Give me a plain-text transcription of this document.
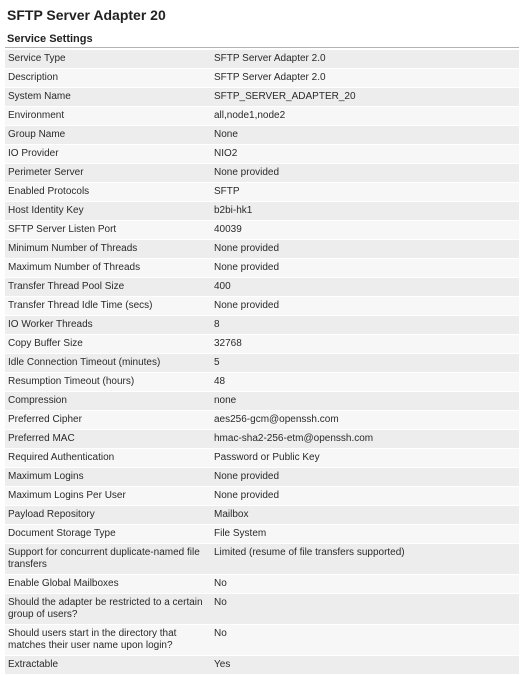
SFTP Server Adapter 20
Service Settings
Service Type	SFTP Server Adapter 2.0
Description	SFTP Server Adapter 2.0
System Name	SFTP_SERVER_ADAPTER_20
Environment	all,node1,node2
Group Name	None
IO Provider	NIO2
Perimeter Server	None provided
Enabled Protocols	SFTP
Host Identity Key	b2bi-hk1
SFTP Server Listen Port	40039
Minimum Number of Threads	None provided
Maximum Number of Threads	None provided
Transfer Thread Pool Size	400
Transfer Thread Idle Time (secs)	None provided
IO Worker Threads	8
Copy Buffer Size	32768
Idle Connection Timeout (minutes)	5
Resumption Timeout (hours)	48
Compression	none
Preferred Cipher	aes256-gcm@openssh.com
Preferred MAC	hmac-sha2-256-etm@openssh.com
Required Authentication	Password or Public Key
Maximum Logins	None provided
Maximum Logins Per User	None provided
Payload Repository	Mailbox
Document Storage Type	File System
Support for concurrent duplicate-named file transfers	Limited (resume of file transfers supported)
Enable Global Mailboxes	No
Should the adapter be restricted to a certain group of users?	No
Should users start in the directory that matches their user name upon login?	No
Extractable	Yes
